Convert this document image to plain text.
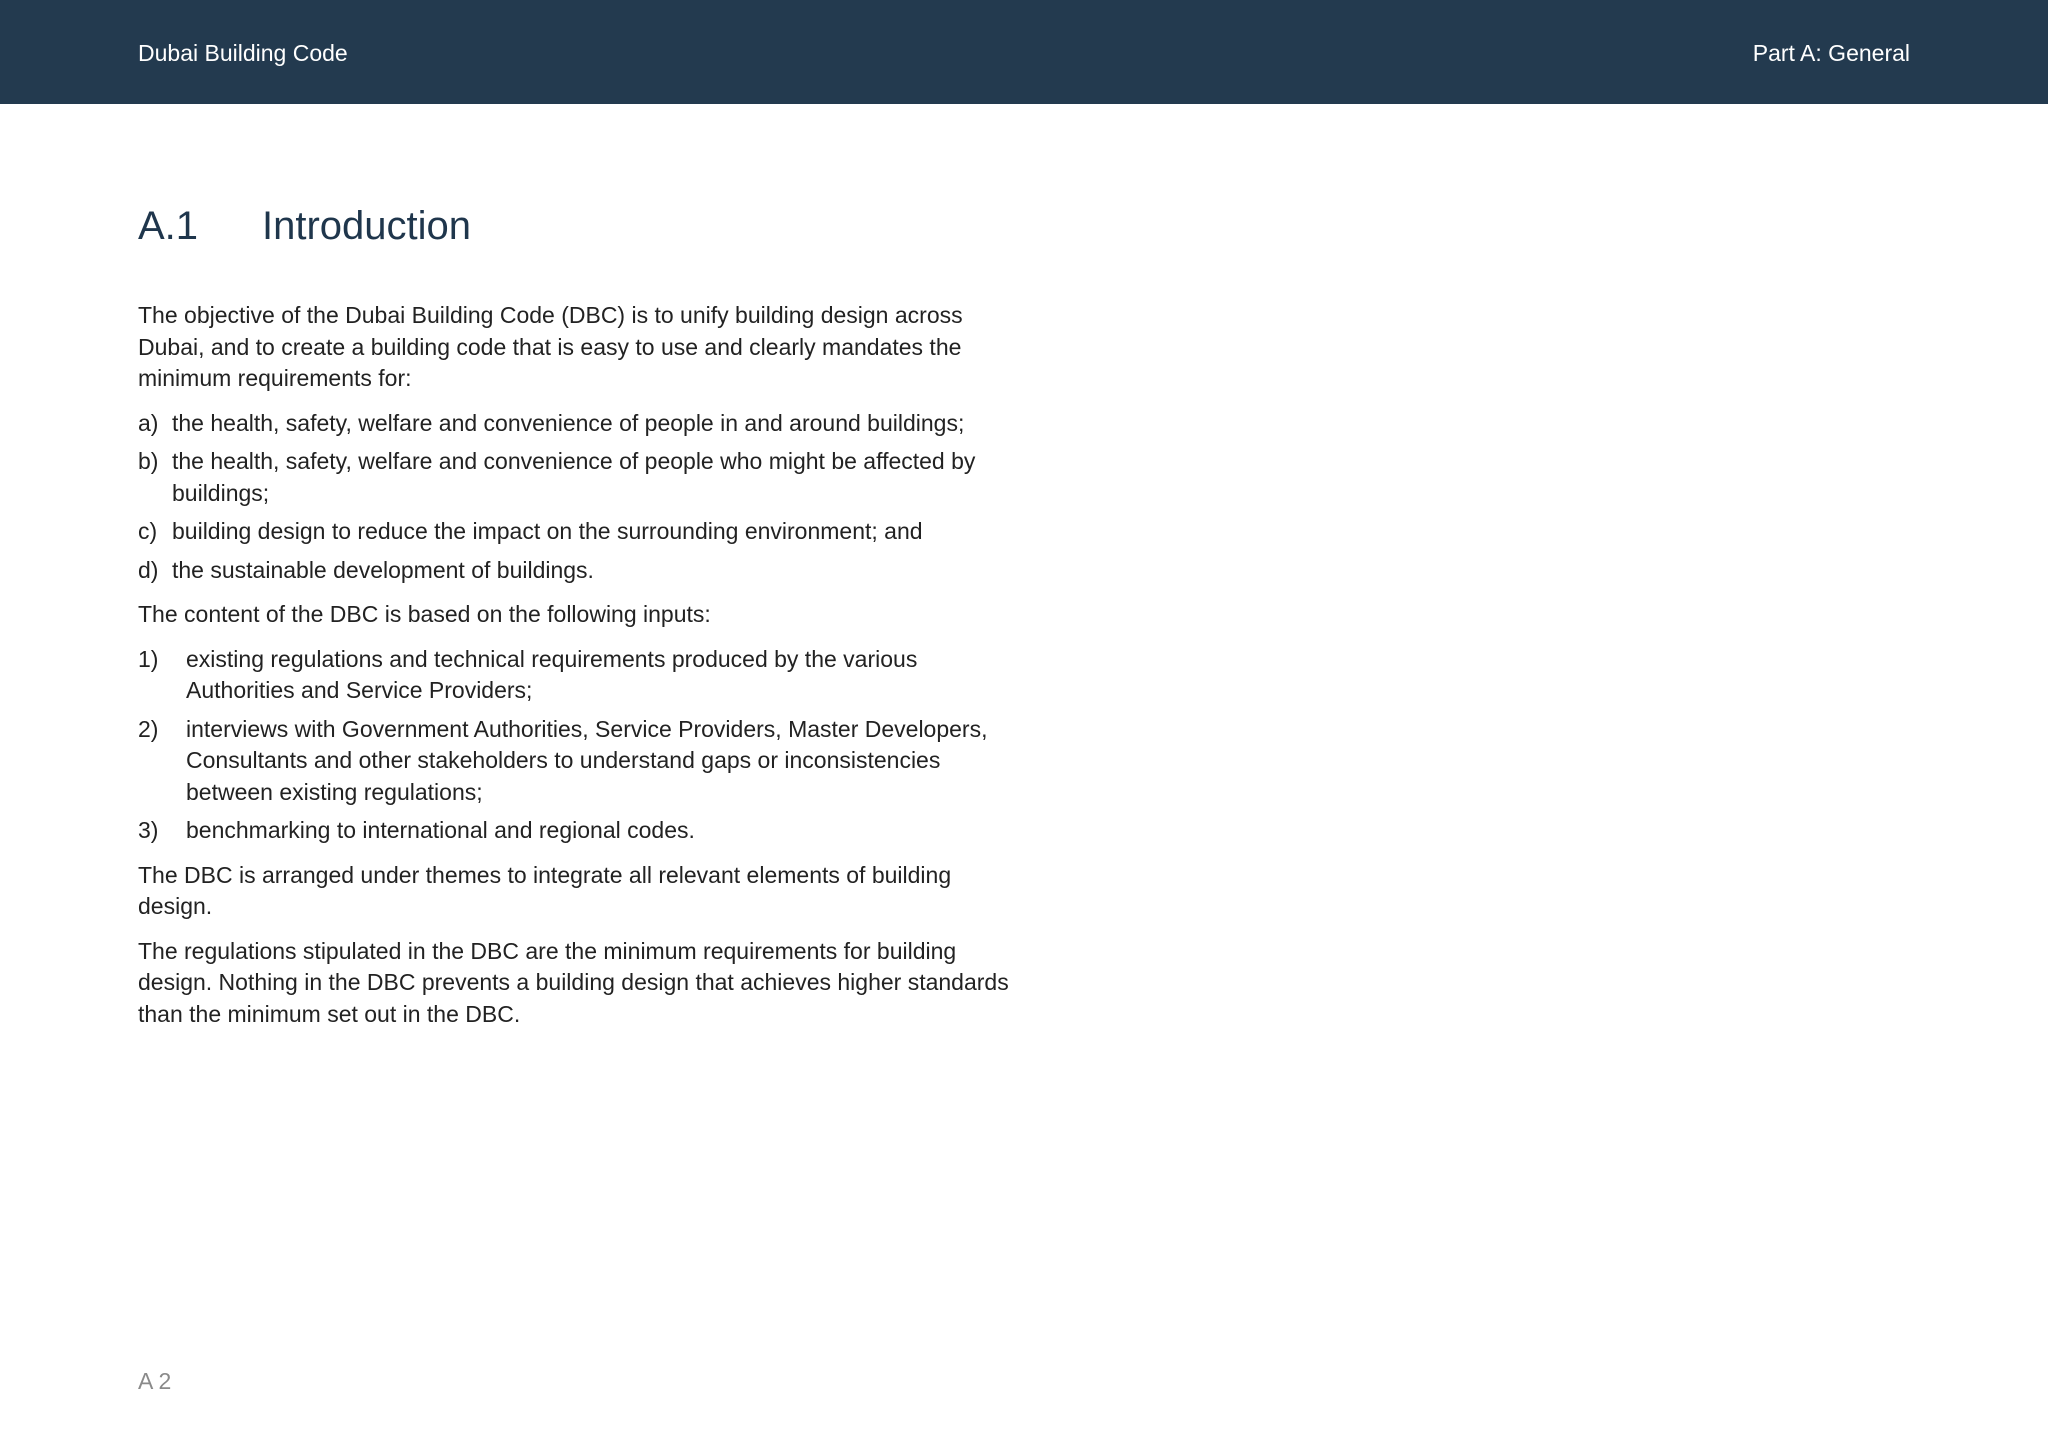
Dubai Building Code	Part A: General
A.1	Introduction

The objective of the Dubai Building Code (DBC) is to unify building design across Dubai, and to create a building code that is easy to use and clearly mandates the minimum requirements for:

a) the health, safety, welfare and convenience of people in and around buildings;
b) the health, safety, welfare and convenience of people who might be affected by buildings;
c) building design to reduce the impact on the surrounding environment; and
d) the sustainable development of buildings.

The content of the DBC is based on the following inputs:

1)	existing regulations and technical requirements produced by the various Authorities and Service Providers;
2)	interviews with Government Authorities, Service Providers, Master Developers, Consultants and other stakeholders to understand gaps or inconsistencies between existing regulations;
3)	benchmarking to international and regional codes.

The DBC is arranged under themes to integrate all relevant elements of building design.

The regulations stipulated in the DBC are the minimum requirements for building design. Nothing in the DBC prevents a building design that achieves higher standards than the minimum set out in the DBC.

A 2
